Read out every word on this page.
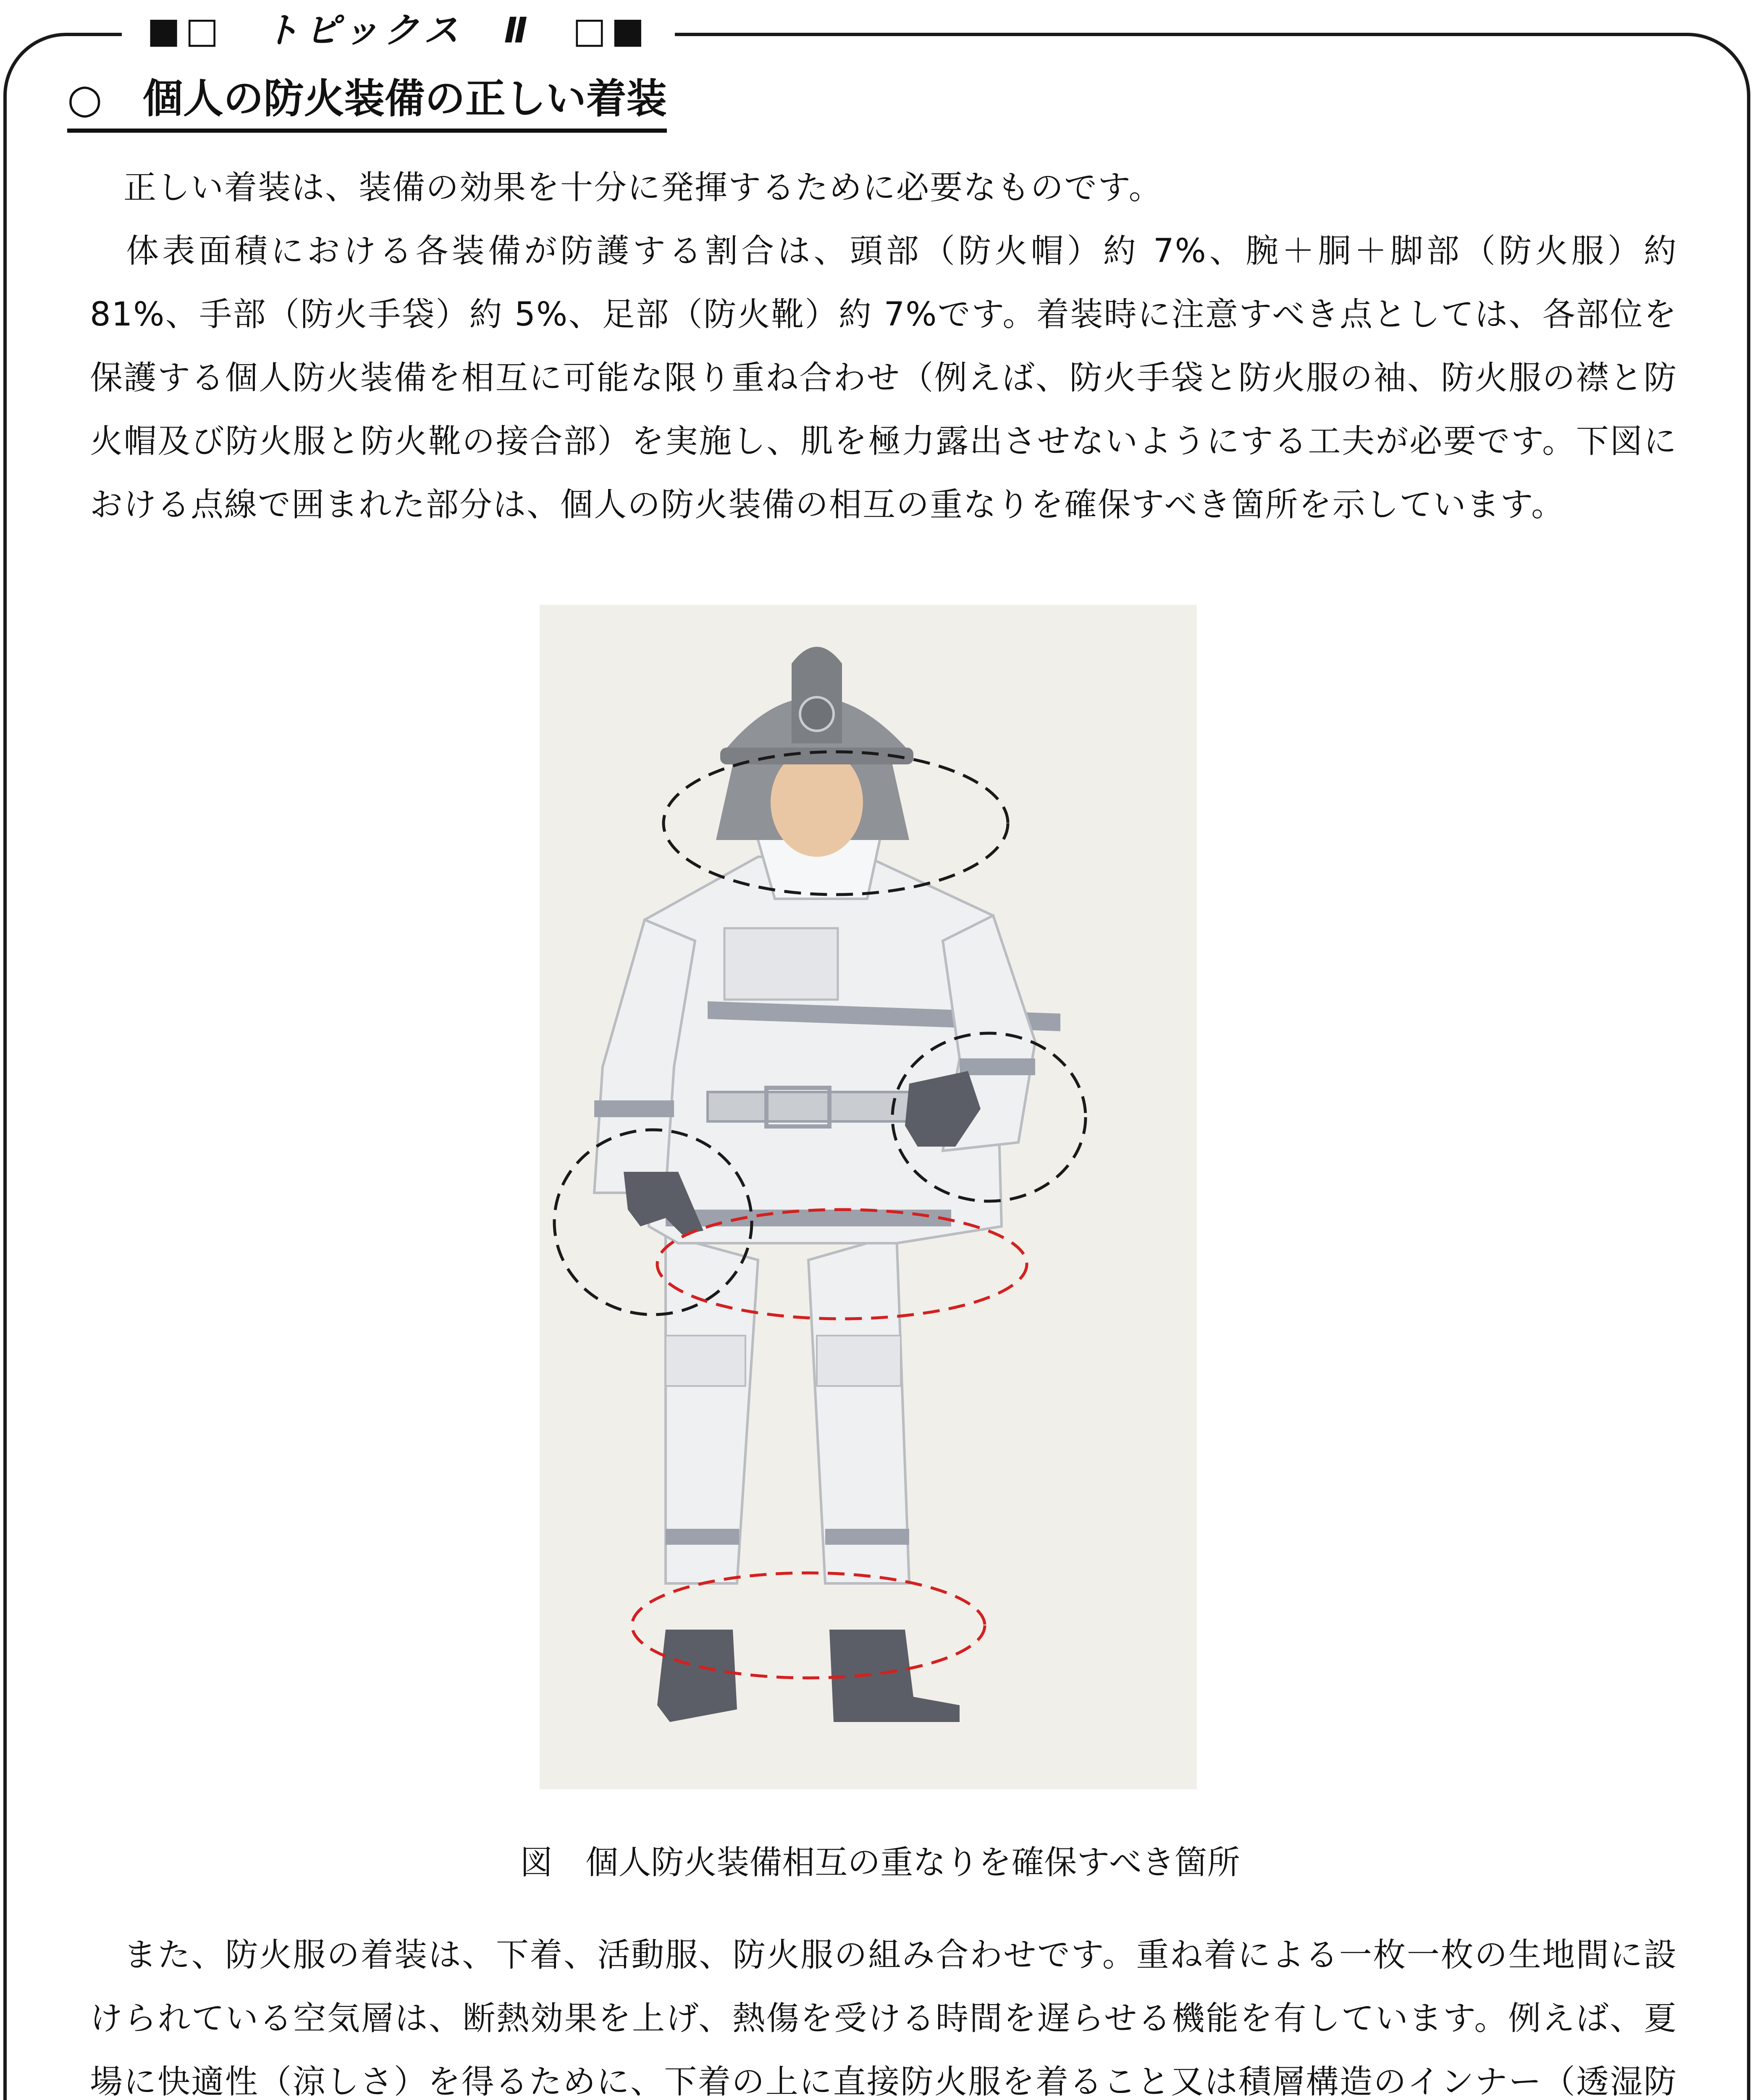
■□　トピックス　Ⅱ　□■
○　個人の防火装備の正しい着装
正しい着装は、装備の効果を十分に発揮するために必要なものです。
体表面積における各装備が防護する割合は、頭部（防火帽）約 7%、腕＋胴＋脚部（防火服）約 81%、手部（防火手袋）約 5%、足部（防火靴）約 7%です。着装時に注意すべき点としては、各部位を保護する個人防火装備を相互に可能な限り重ね合わせ（例えば、防火手袋と防火服の袖、防火服の襟と防火帽及び防火服と防火靴の接合部）を実施し、肌を極力露出させないようにする工夫が必要です。下図における点線で囲まれた部分は、個人の防火装備の相互の重なりを確保すべき箇所を示しています。
図　個人防火装備相互の重なりを確保すべき箇所
また、防火服の着装は、下着、活動服、防火服の組み合わせです。重ね着による一枚一枚の生地間に設けられている空気層は、断熱効果を上げ、熱傷を受ける時間を遅らせる機能を有しています。例えば、夏場に快適性（涼しさ）を得るために、下着の上に直接防火服を着ること又は積層構造のインナー（透湿防
